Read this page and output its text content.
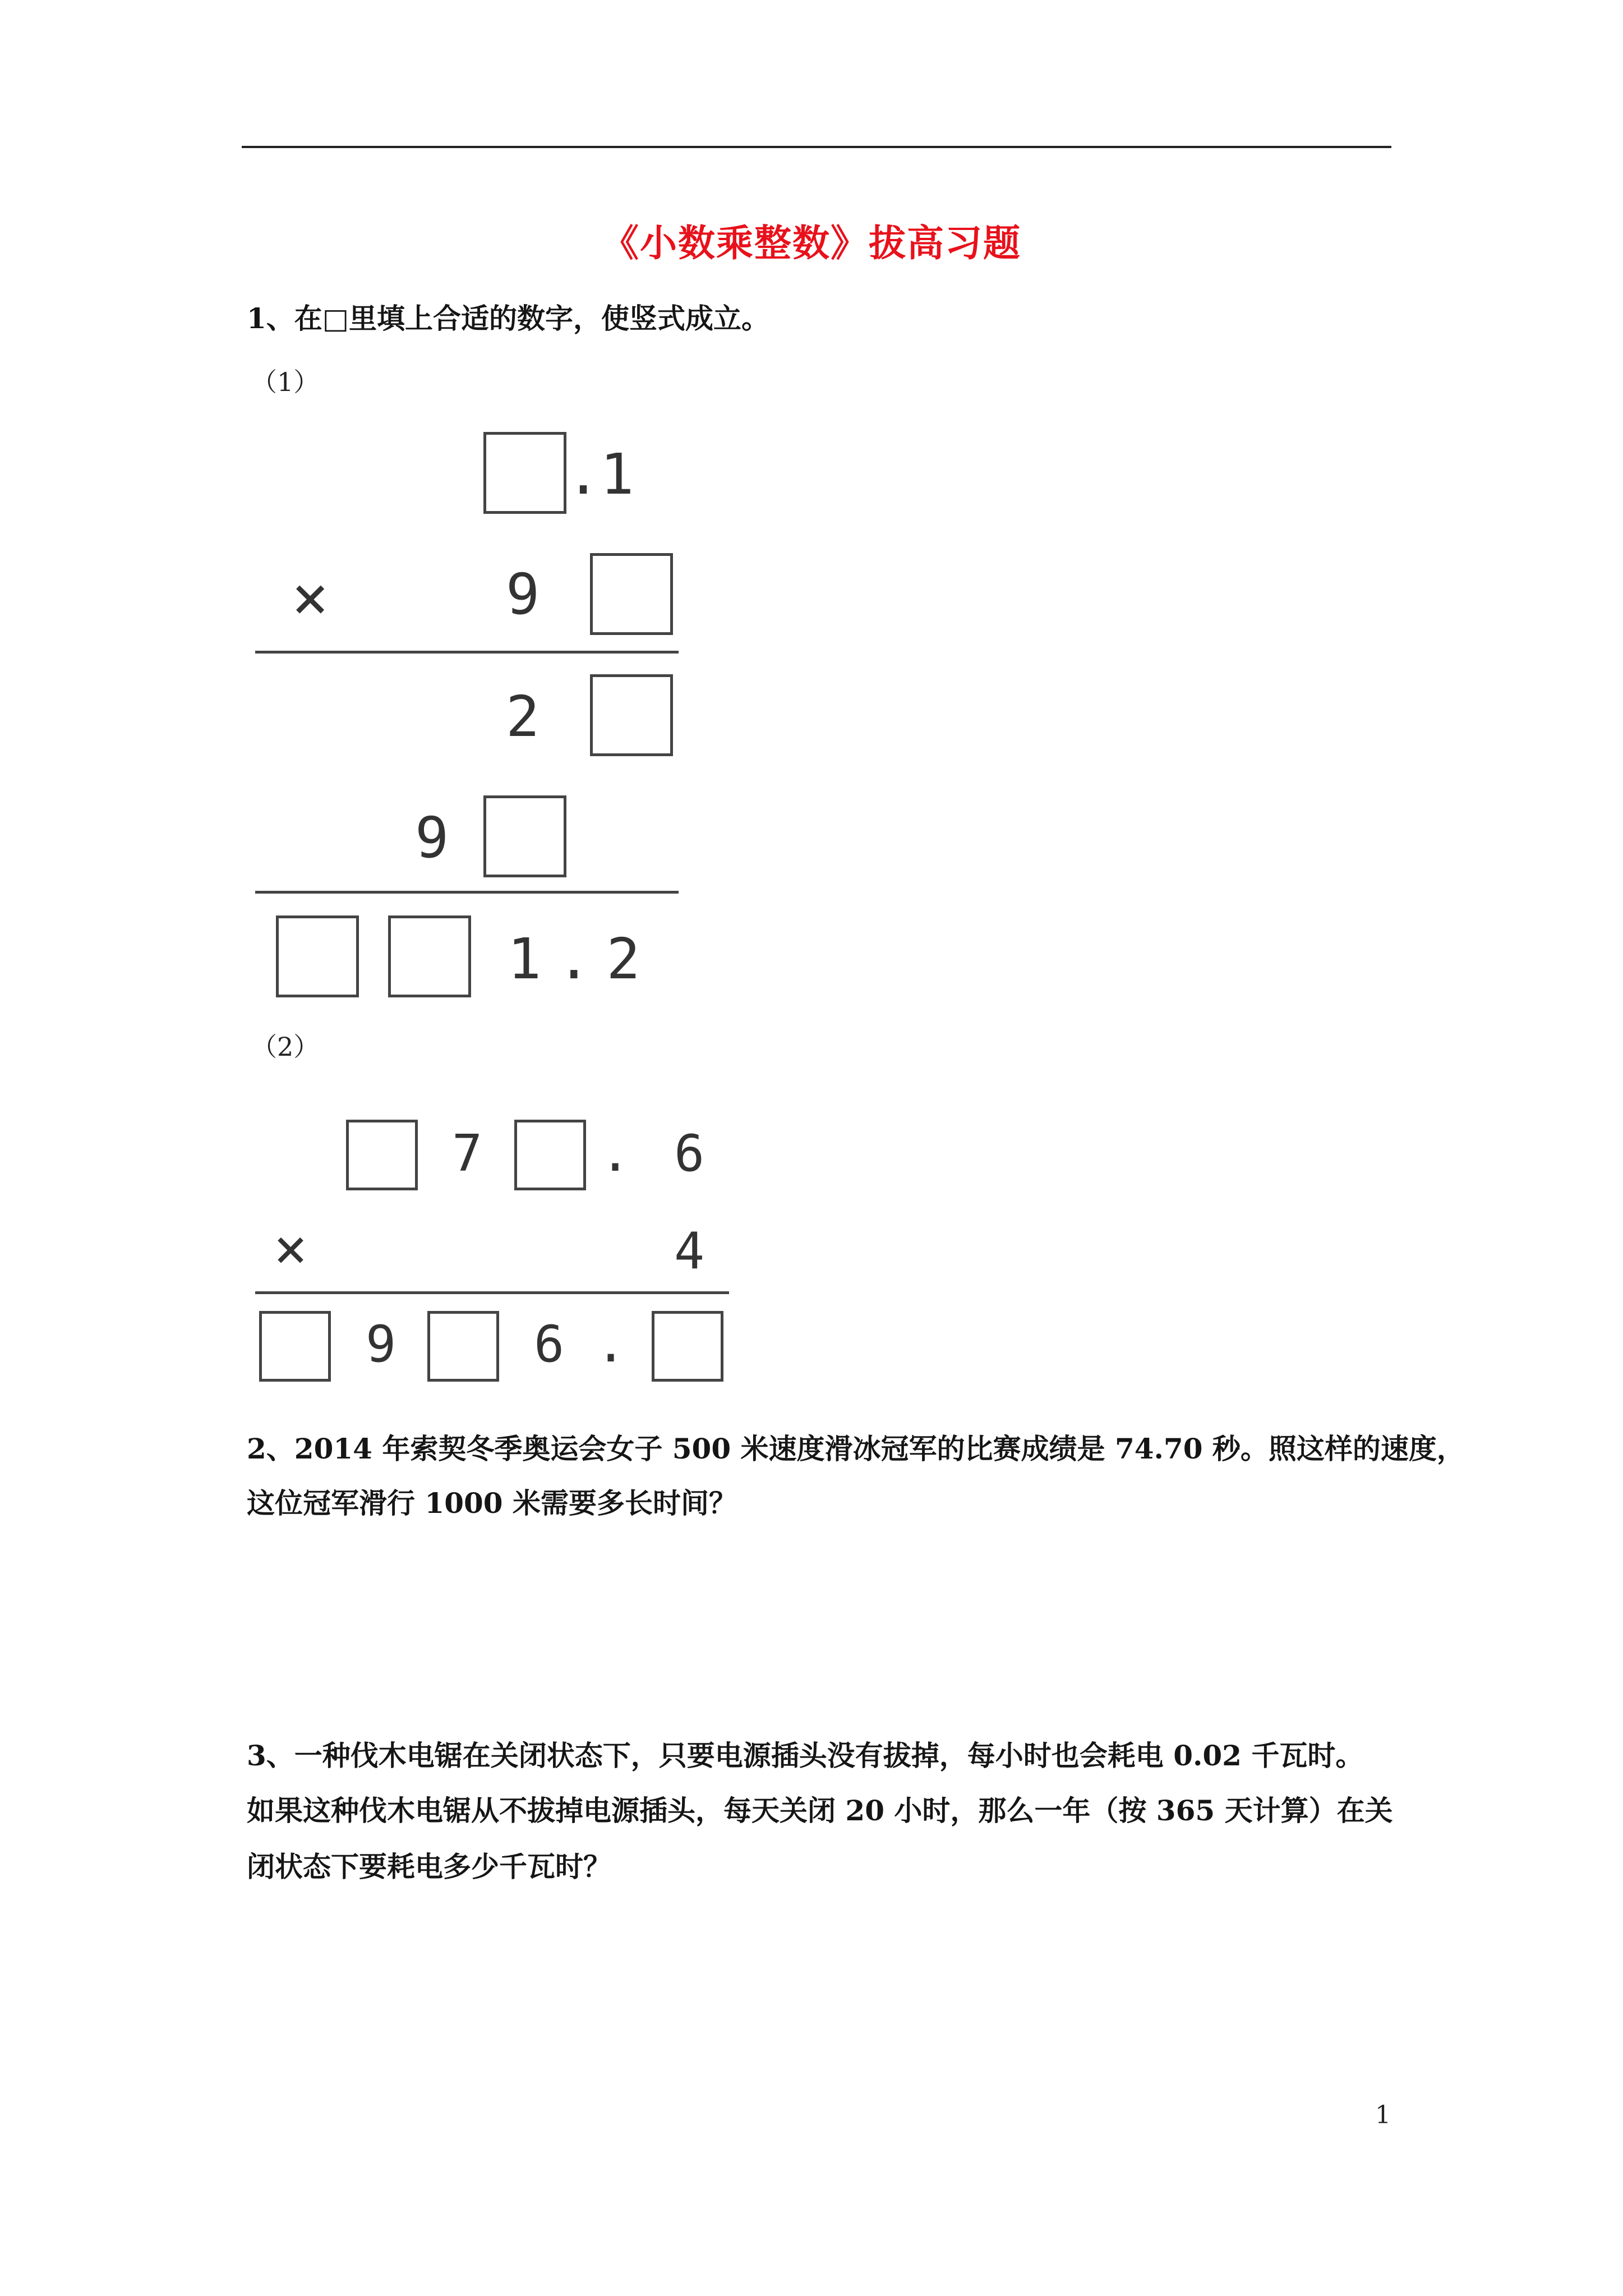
《小数乘整数》拔高习题
1、在□里填上合适的数字，使竖式成立。
（1）
.1
×	9
2
9
1.2
（2）
7 . 6
×	4
9	6 .
2、2014 年索契冬季奥运会女子 500 米速度滑冰冠军的比赛成绩是 74.70 秒。照这样的速度，
这位冠军滑行 1000 米需要多长时间？
3、一种伐木电锯在关闭状态下，只要电源插头没有拔掉，每小时也会耗电 0.02 千瓦时。
如果这种伐木电锯从不拔掉电源插头，每天关闭 20 小时，那么一年（按 365 天计算）在关
闭状态下要耗电多少千瓦时？
1
